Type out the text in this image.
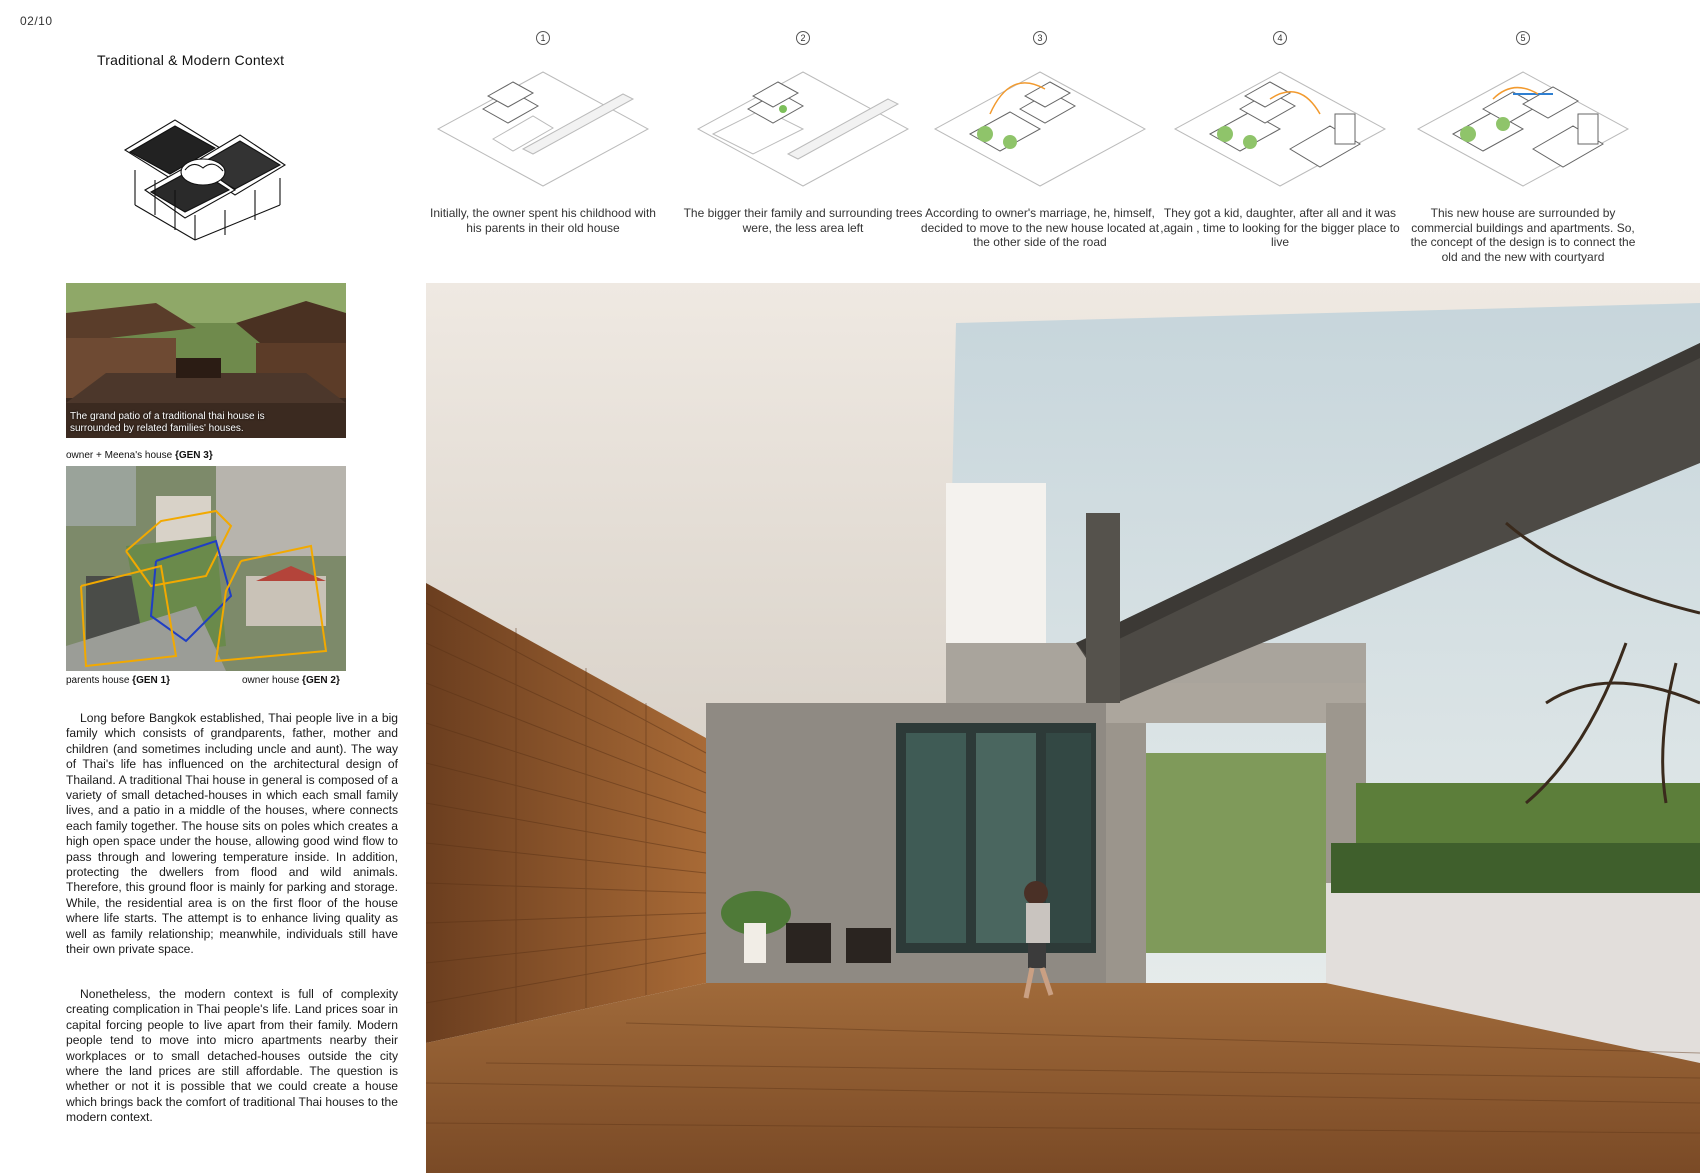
02/10
Traditional & Modern Context
The grand patio of a traditional thai house is
surrounded by related families' houses.
owner + Meena's house {GEN 3}
parents house {GEN 1}	owner house {GEN 2}

Long before Bangkok established, Thai people live in a big family which consists of grandparents, father, mother and children (and sometimes including uncle and aunt). The way of Thai's life has influenced on the architectural design of Thailand. A traditional Thai house in general is composed of a variety of small detached-houses in which each small family lives, and a patio in a middle of the houses, where connects each family together. The house sits on poles which creates a high open space under the house, allowing good wind flow to pass through and lowering temperature inside. In addition, protecting the dwellers from flood and wild animals. Therefore, this ground floor is mainly for parking and storage. While, the residential area is on the first floor of the house where life starts. The attempt is to enhance living quality as well as family relationship; meanwhile, individuals still have their own private space.

Nonetheless, the modern context is full of complexity creating complication in Thai people's life. Land prices soar in capital forcing people to live apart from their family. Modern people tend to move into micro apartments nearby their workplaces or to small detached-houses outside the city where the land prices are still affordable. The question is whether or not it is possible that we could create a house which brings back the comfort of traditional Thai houses to the modern context.

1
Initially, the owner spent his childhood with his parents in their old house
2
The bigger their family and surrounding trees were, the less area left
3
According to owner's marriage, he, himself, decided to move to the new house located at the other side of the road
4
They got a kid, daughter, after all and it was ,again , time to looking for the bigger place to live
5
This new house are surrounded by commercial buildings and apartments. So, the concept of the design is to connect the old and the new with courtyard
